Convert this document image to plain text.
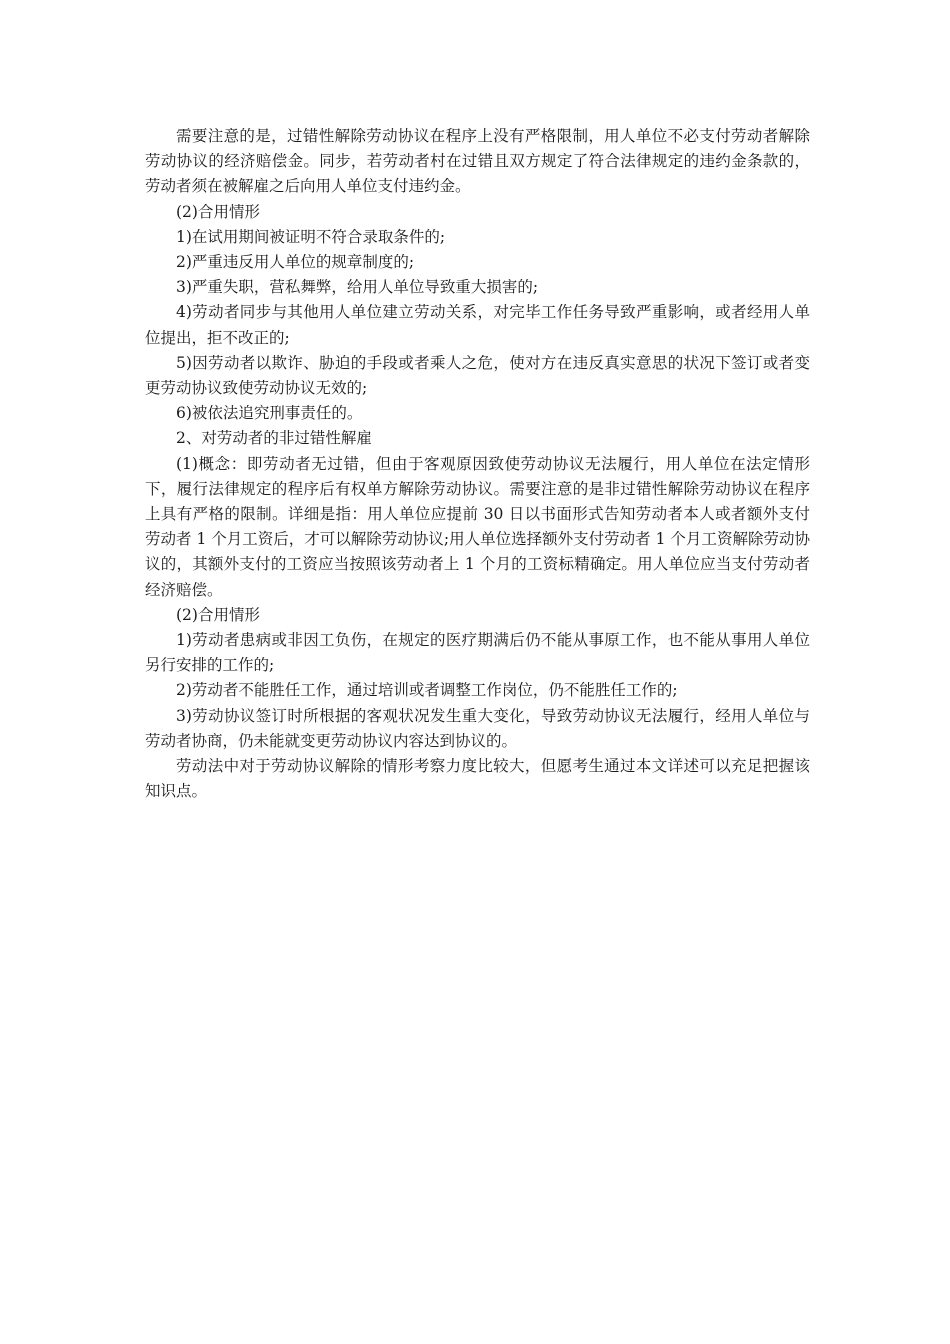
需要注意的是，过错性解除劳动协议在程序上没有严格限制，用人单位不必支付劳动者解除劳动协议的经济赔偿金。同步，若劳动者村在过错且双方规定了符合法律规定的违约金条款的，劳动者须在被解雇之后向用人单位支付违约金。

(2)合用情形

1)在试用期间被证明不符合录取条件的;

2)严重违反用人单位的规章制度的;

3)严重失职，营私舞弊，给用人单位导致重大损害的;

4)劳动者同步与其他用人单位建立劳动关系，对完毕工作任务导致严重影响，或者经用人单位提出，拒不改正的;

5)因劳动者以欺诈、胁迫的手段或者乘人之危，使对方在违反真实意思的状况下签订或者变更劳动协议致使劳动协议无效的;

6)被依法追究刑事责任的。

2、对劳动者的非过错性解雇

(1)概念：即劳动者无过错，但由于客观原因致使劳动协议无法履行，用人单位在法定情形下，履行法律规定的程序后有权单方解除劳动协议。需要注意的是非过错性解除劳动协议在程序上具有严格的限制。详细是指：用人单位应提前 30 日以书面形式告知劳动者本人或者额外支付劳动者 1 个月工资后，才可以解除劳动协议;用人单位选择额外支付劳动者 1 个月工资解除劳动协议的，其额外支付的工资应当按照该劳动者上 1 个月的工资标精确定。用人单位应当支付劳动者经济赔偿。

(2)合用情形

1)劳动者患病或非因工负伤，在规定的医疗期满后仍不能从事原工作，也不能从事用人单位另行安排的工作的;

2)劳动者不能胜任工作，通过培训或者调整工作岗位，仍不能胜任工作的;

3)劳动协议签订时所根据的客观状况发生重大变化，导致劳动协议无法履行，经用人单位与劳动者协商，仍未能就变更劳动协议内容达到协议的。

劳动法中对于劳动协议解除的情形考察力度比较大，但愿考生通过本文详述可以充足把握该知识点。
